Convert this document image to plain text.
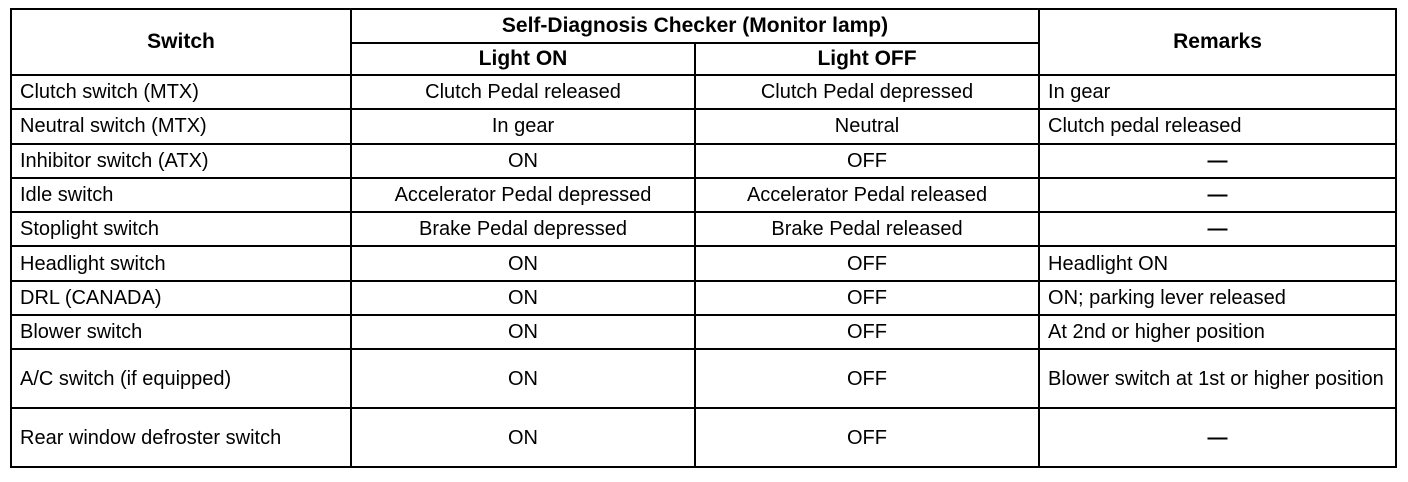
Switch	Self-Diagnosis Checker (Monitor lamp)		Remarks
	Light ON	Light OFF	
Clutch switch (MTX)	Clutch Pedal released	Clutch Pedal depressed	In gear
Neutral switch (MTX)	In gear	Neutral	Clutch pedal released
Inhibitor switch (ATX)	ON	OFF	—
Idle switch	Accelerator Pedal depressed	Accelerator Pedal released	—
Stoplight switch	Brake Pedal depressed	Brake Pedal released	—
Headlight switch	ON	OFF	Headlight ON
DRL (CANADA)	ON	OFF	ON; parking lever released
Blower switch	ON	OFF	At 2nd or higher position
A/C switch (if equipped)	ON	OFF	Blower switch at 1st or higher position
Rear window defroster switch	ON	OFF	—
